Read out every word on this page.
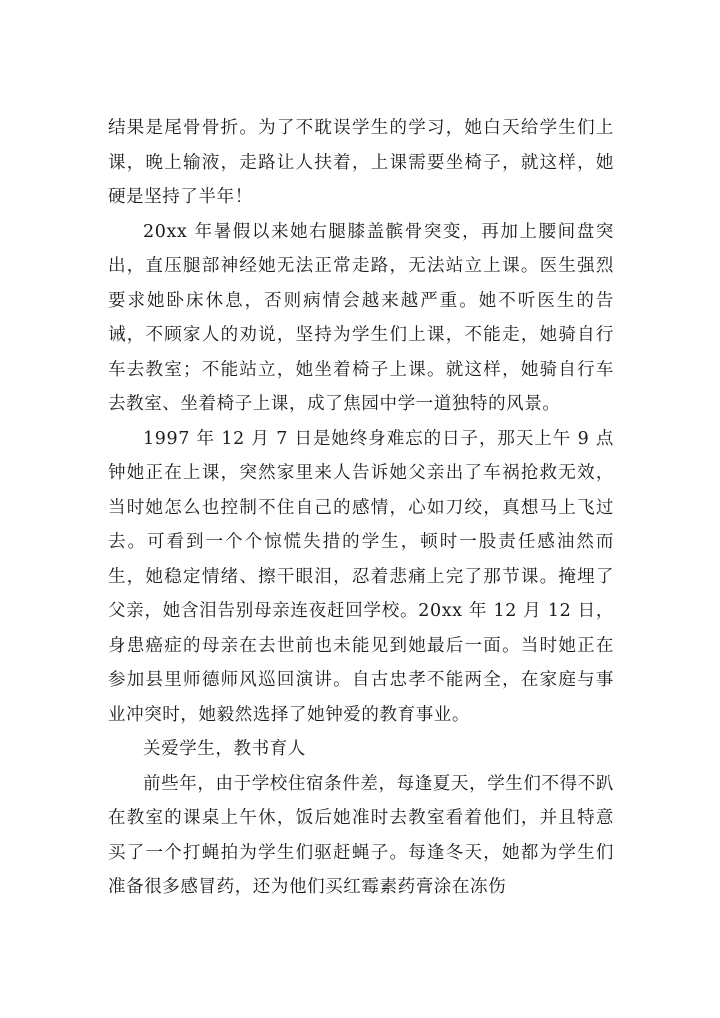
结果是尾骨骨折。为了不耽误学生的学习，她白天给学生们上课，晚上输液，走路让人扶着，上课需要坐椅子，就这样，她硬是坚持了半年！

20xx 年暑假以来她右腿膝盖髌骨突变，再加上腰间盘突出，直压腿部神经她无法正常走路，无法站立上课。医生强烈要求她卧床休息，否则病情会越来越严重。她不听医生的告诫，不顾家人的劝说，坚持为学生们上课，不能走，她骑自行车去教室；不能站立，她坐着椅子上课。就这样，她骑自行车去教室、坐着椅子上课，成了焦园中学一道独特的风景。

1997 年 12 月 7 日是她终身难忘的日子，那天上午 9 点钟她正在上课，突然家里来人告诉她父亲出了车祸抢救无效，当时她怎么也控制不住自己的感情，心如刀绞，真想马上飞过去。可看到一个个惊慌失措的学生，顿时一股责任感油然而生，她稳定情绪、擦干眼泪，忍着悲痛上完了那节课。掩埋了父亲，她含泪告别母亲连夜赶回学校。20xx 年 12 月 12 日，身患癌症的母亲在去世前也未能见到她最后一面。当时她正在参加县里师德师风巡回演讲。自古忠孝不能两全，在家庭与事业冲突时，她毅然选择了她钟爱的教育事业。

关爱学生，教书育人

前些年，由于学校住宿条件差，每逢夏天，学生们不得不趴在教室的课桌上午休，饭后她准时去教室看着他们，并且特意买了一个打蝇拍为学生们驱赶蝇子。每逢冬天，她都为学生们准备很多感冒药，还为他们买红霉素药膏涂在冻伤
